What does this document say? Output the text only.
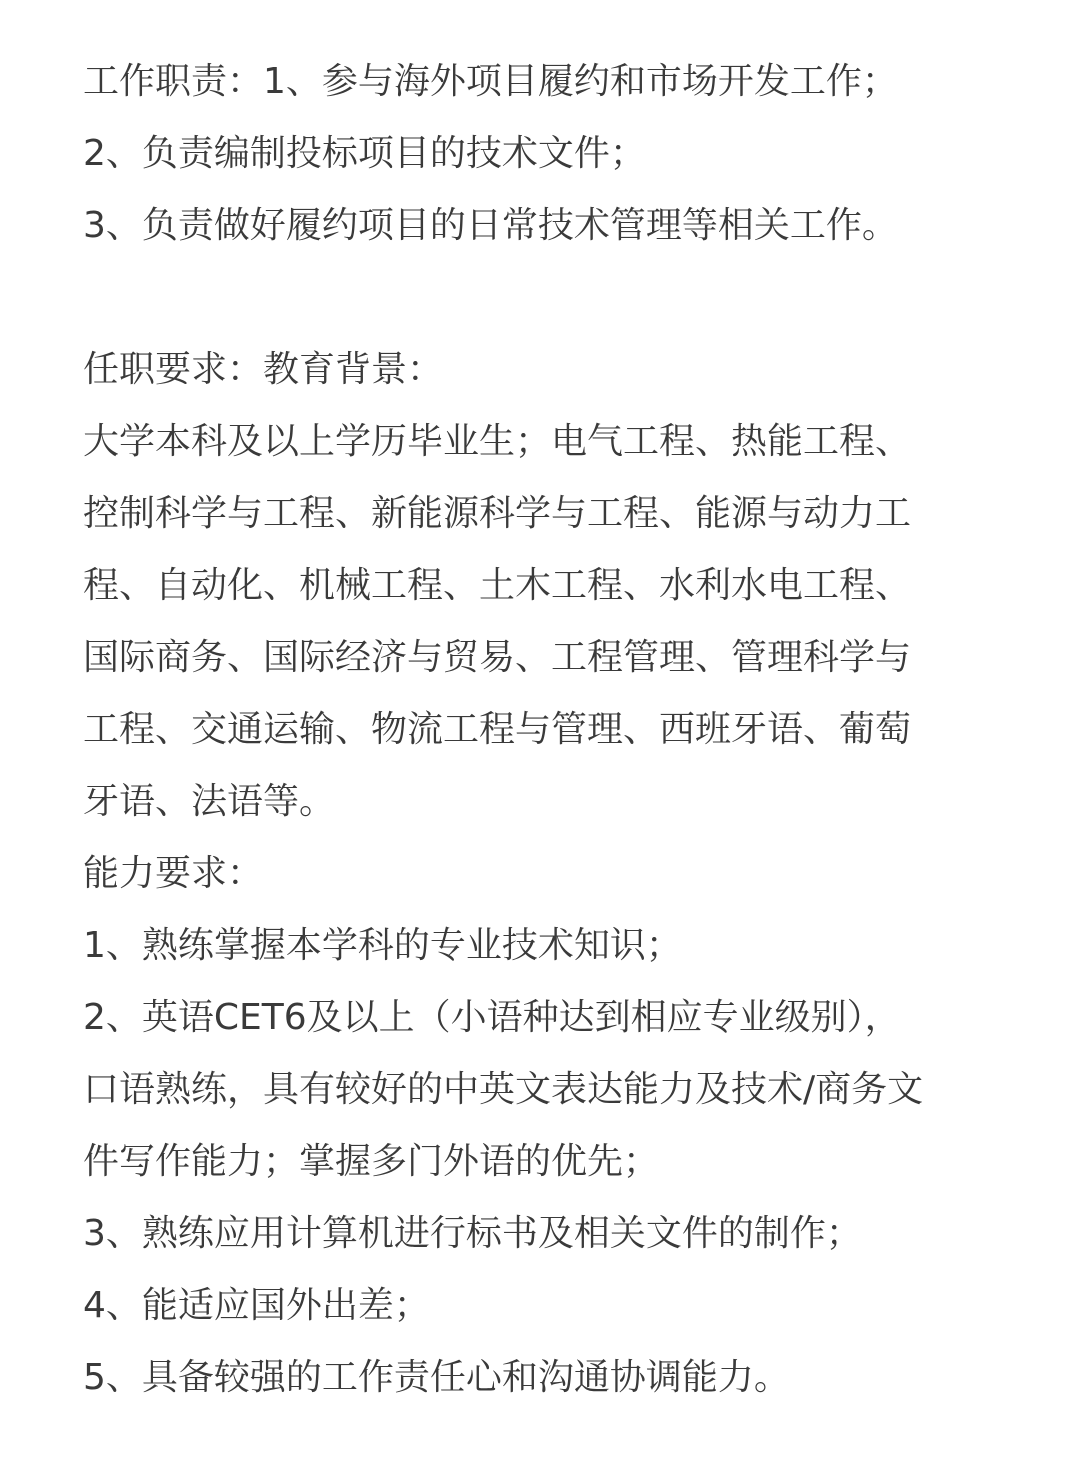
工作职责：1、参与海外项目履约和市场开发工作；
2、负责编制投标项目的技术文件；
3、负责做好履约项目的日常技术管理等相关工作。
任职要求：教育背景：
大学本科及以上学历毕业生；电气工程、热能工程、
控制科学与工程、新能源科学与工程、能源与动力工
程、自动化、机械工程、土木工程、水利水电工程、
国际商务、国际经济与贸易、工程管理、管理科学与
工程、交通运输、物流工程与管理、西班牙语、葡萄
牙语、法语等。
能力要求：
1、熟练掌握本学科的专业技术知识；
2、英语CET6及以上（小语种达到相应专业级别），
口语熟练，具有较好的中英文表达能力及技术/商务文
件写作能力；掌握多门外语的优先；
3、熟练应用计算机进行标书及相关文件的制作；
4、能适应国外出差；
5、具备较强的工作责任心和沟通协调能力。
